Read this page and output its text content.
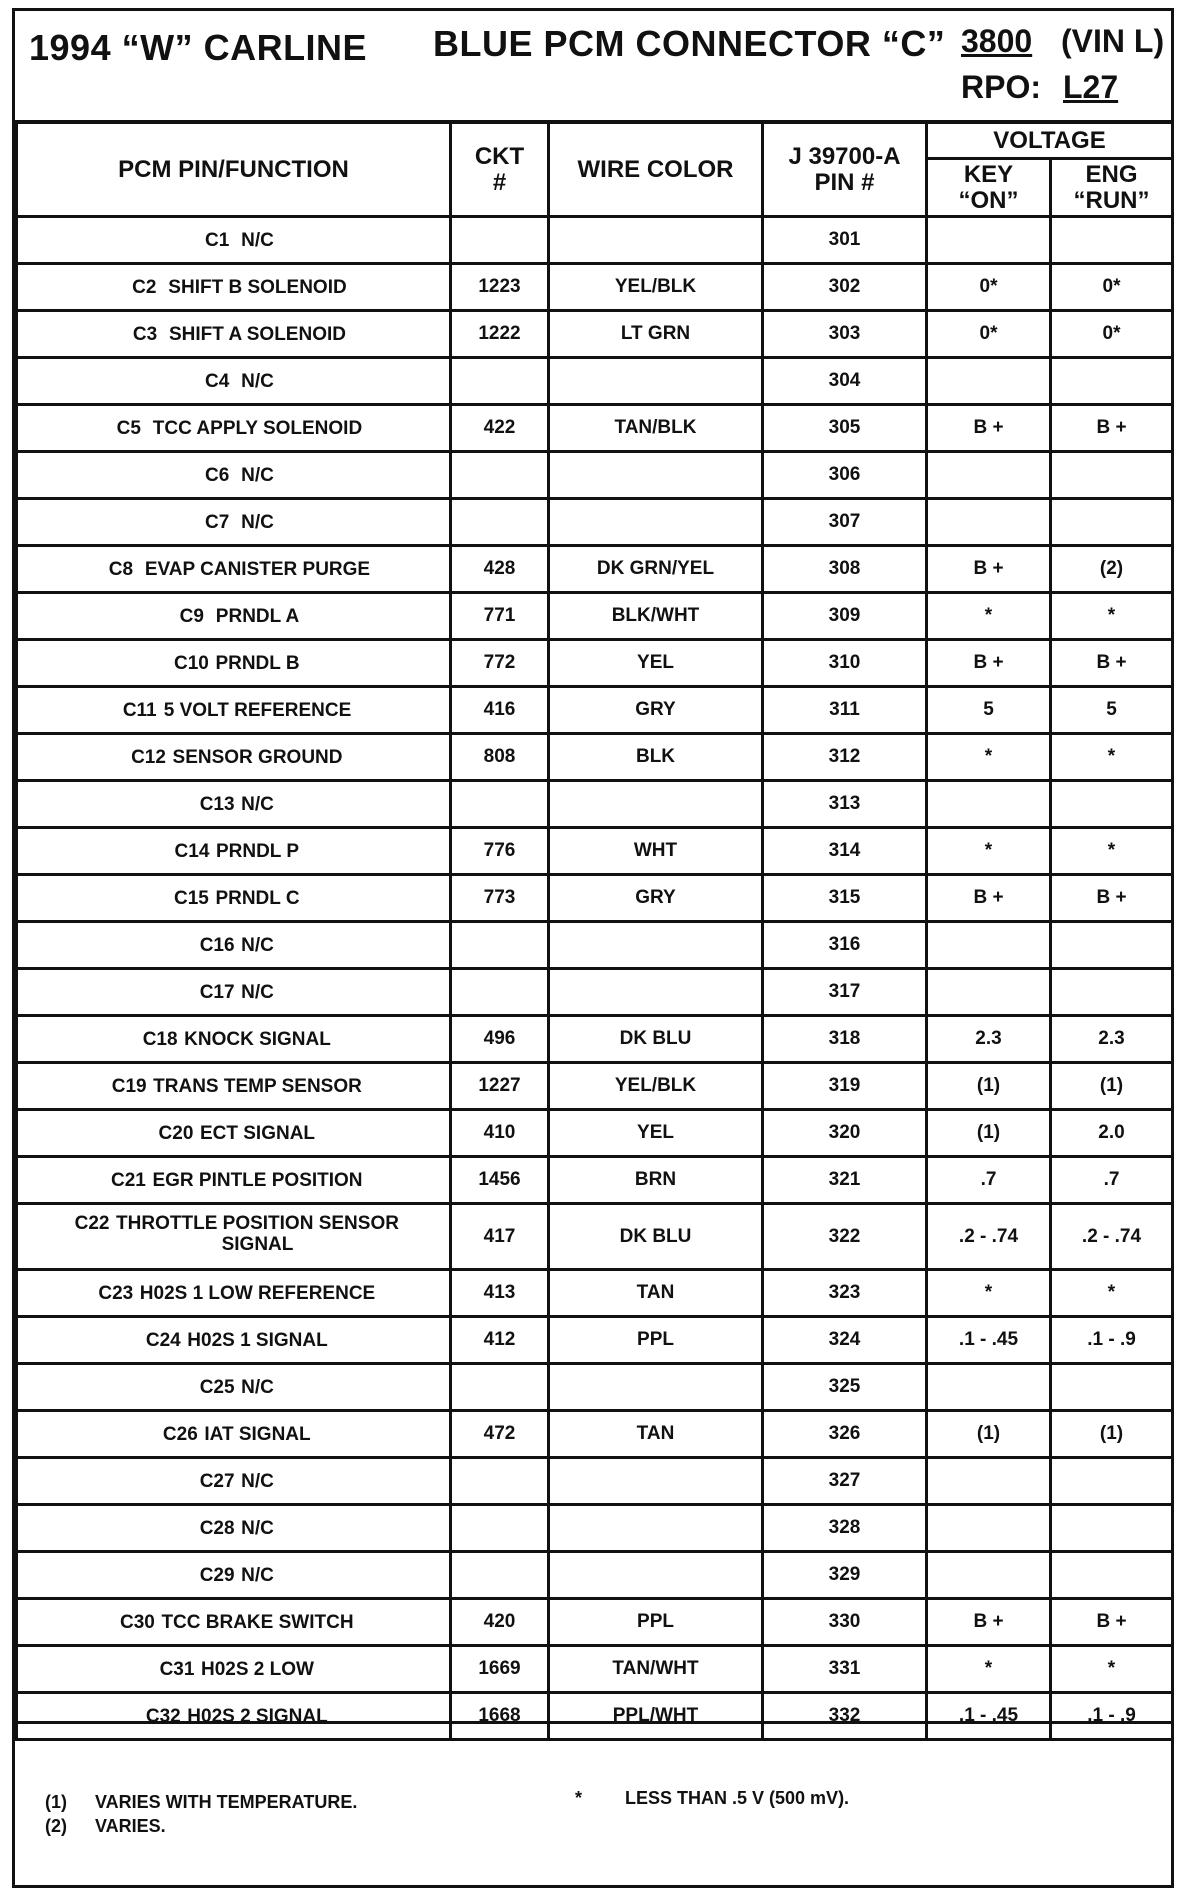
1994 “W” CARLINE BLUE PCM CONNECTOR “C” 3800 (VIN L)
RPO: L27
PCM PIN/FUNCTION	CKT #	WIRE COLOR	J 39700-A PIN #	VOLTAGE	
				KEY “ON”	ENG “RUN”
C1 N/C			301		
C2 SHIFT B SOLENOID	1223	YEL/BLK	302	0*	0*
C3 SHIFT A SOLENOID	1222	LT GRN	303	0*	0*
C4 N/C			304		
C5 TCC APPLY SOLENOID	422	TAN/BLK	305	B +	B +
C6 N/C			306		
C7 N/C			307		
C8 EVAP CANISTER PURGE	428	DK GRN/YEL	308	B +	(2)
C9 PRNDL A	771	BLK/WHT	309	*	*
C10 PRNDL B	772	YEL	310	B +	B +
C11 5 VOLT REFERENCE	416	GRY	311	5	5
C12 SENSOR GROUND	808	BLK	312	*	*
C13 N/C			313		
C14 PRNDL P	776	WHT	314	*	*
C15 PRNDL C	773	GRY	315	B +	B +
C16 N/C			316		
C17 N/C			317		
C18 KNOCK SIGNAL	496	DK BLU	318	2.3	2.3
C19 TRANS TEMP SENSOR	1227	YEL/BLK	319	(1)	(1)
C20 ECT SIGNAL	410	YEL	320	(1)	2.0
C21 EGR PINTLE POSITION	1456	BRN	321	.7	.7
C22 THROTTLE POSITION SENSOR
SIGNAL	417	DK BLU	322	.2 - .74	.2 - .74
C23 H02S 1 LOW REFERENCE	413	TAN	323	*	*
C24 H02S 1 SIGNAL	412	PPL	324	.1 - .45	.1 - .9
C25 N/C			325		
C26 IAT SIGNAL	472	TAN	326	(1)	(1)
C27 N/C			327		
C28 N/C			328		
C29 N/C			329		
C30 TCC BRAKE SWITCH	420	PPL	330	B +	B +
C31 H02S 2 LOW	1669	TAN/WHT	331	*	*
C32 H02S 2 SIGNAL	1668	PPL/WHT	332	.1 - .45	.1 - .9
(1) VARIES WITH TEMPERATURE.
(2) VARIES.
* LESS THAN .5 V (500 mV).
